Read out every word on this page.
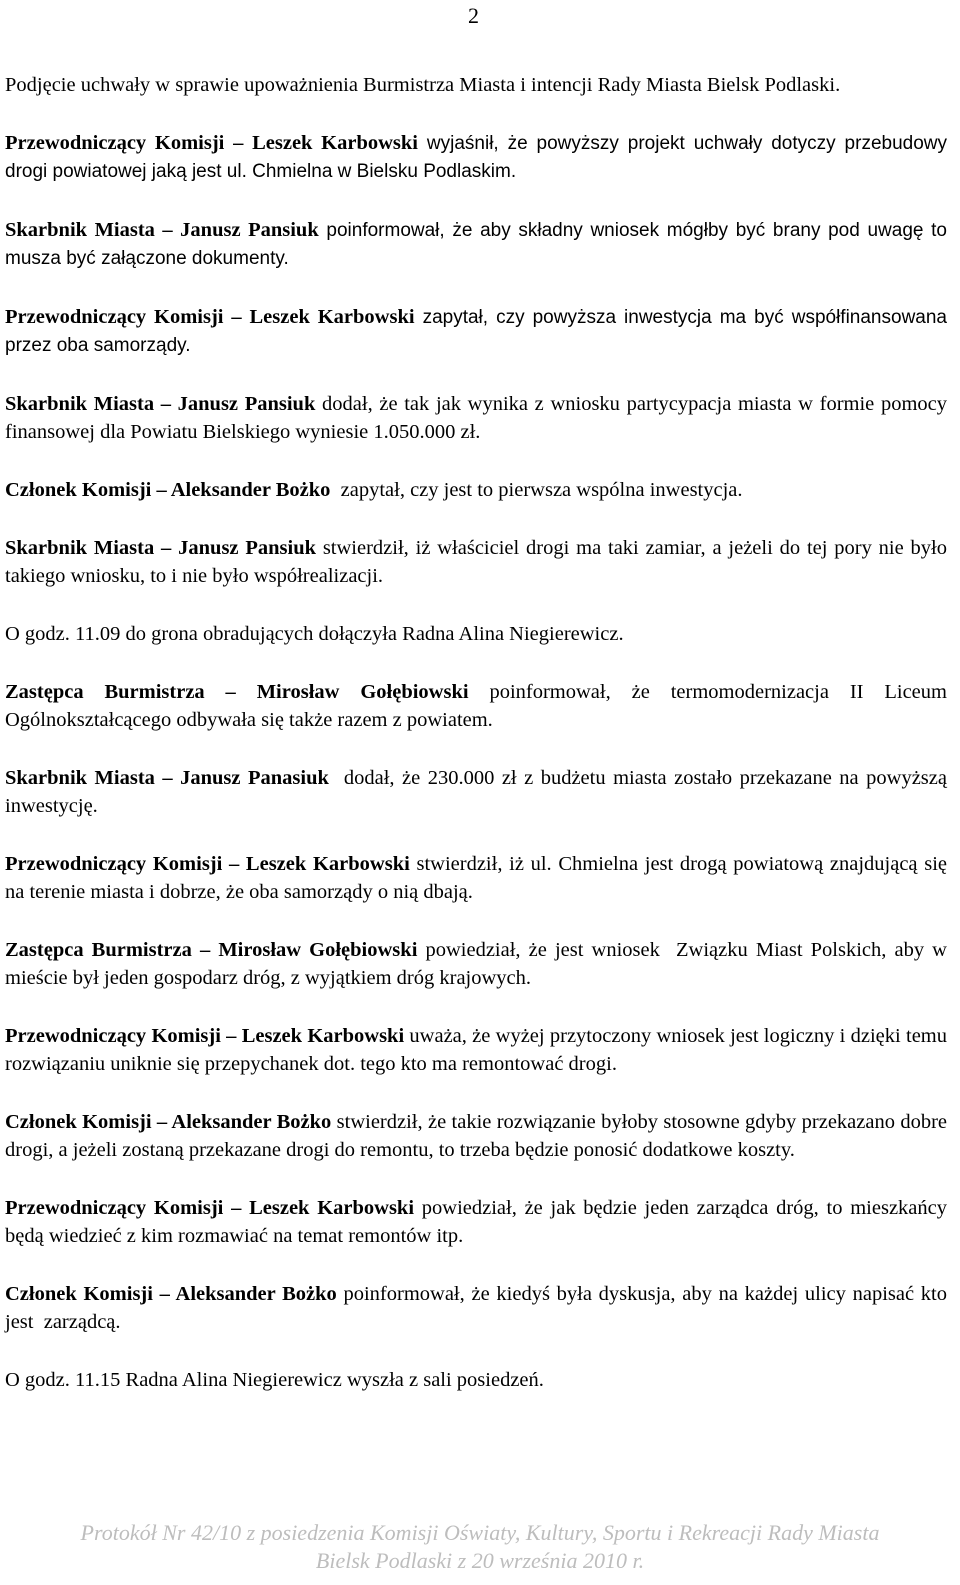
2

Podjęcie uchwały w sprawie upoważnienia Burmistrza Miasta i intencji Rady Miasta Bielsk Podlaski.

Przewodniczący Komisji – Leszek Karbowski wyjaśnił, że powyższy projekt uchwały dotyczy przebudowy drogi powiatowej jaką jest ul. Chmielna w Bielsku Podlaskim.

Skarbnik Miasta – Janusz Pansiuk poinformował, że aby składny wniosek mógłby być brany pod uwagę to musza być załączone dokumenty.

Przewodniczący Komisji – Leszek Karbowski zapytał, czy powyższa inwestycja ma być współfinansowana przez oba samorządy.

Skarbnik Miasta – Janusz Pansiuk dodał, że tak jak wynika z wniosku partycypacja miasta w formie pomocy finansowej dla Powiatu Bielskiego wyniesie 1.050.000 zł.

Członek Komisji – Aleksander Bożko  zapytał, czy jest to pierwsza wspólna inwestycja.

Skarbnik Miasta – Janusz Pansiuk stwierdził, iż właściciel drogi ma taki zamiar, a jeżeli do tej pory nie było takiego wniosku, to i nie było współrealizacji.

O godz. 11.09 do grona obradujących dołączyła Radna Alina Niegierewicz.

Zastępca Burmistrza – Mirosław Gołębiowski poinformował, że termomodernizacja II Liceum Ogólnokształcącego odbywała się także razem z powiatem.

Skarbnik Miasta – Janusz Panasiuk  dodał, że 230.000 zł z budżetu miasta zostało przekazane na powyższą inwestycję.

Przewodniczący Komisji – Leszek Karbowski stwierdził, iż ul. Chmielna jest drogą powiatową znajdującą się na terenie miasta i dobrze, że oba samorządy o nią dbają.

Zastępca Burmistrza – Mirosław Gołębiowski powiedział, że jest wniosek  Związku Miast Polskich, aby w mieście był jeden gospodarz dróg, z wyjątkiem dróg krajowych.

Przewodniczący Komisji – Leszek Karbowski uważa, że wyżej przytoczony wniosek jest logiczny i dzięki temu rozwiązaniu uniknie się przepychanek dot. tego kto ma remontować drogi.

Członek Komisji – Aleksander Bożko stwierdził, że takie rozwiązanie byłoby stosowne gdyby przekazano dobre drogi, a jeżeli zostaną przekazane drogi do remontu, to trzeba będzie ponosić dodatkowe koszty.

Przewodniczący Komisji – Leszek Karbowski powiedział, że jak będzie jeden zarządca dróg, to mieszkańcy będą wiedzieć z kim rozmawiać na temat remontów itp.

Członek Komisji – Aleksander Bożko poinformował, że kiedyś była dyskusja, aby na każdej ulicy napisać kto jest  zarządcą.

O godz. 11.15 Radna Alina Niegierewicz wyszła z sali posiedzeń.

Protokół Nr 42/10 z posiedzenia Komisji Oświaty, Kultury, Sportu i Rekreacji Rady Miasta
Bielsk Podlaski z 20 września 2010 r.
